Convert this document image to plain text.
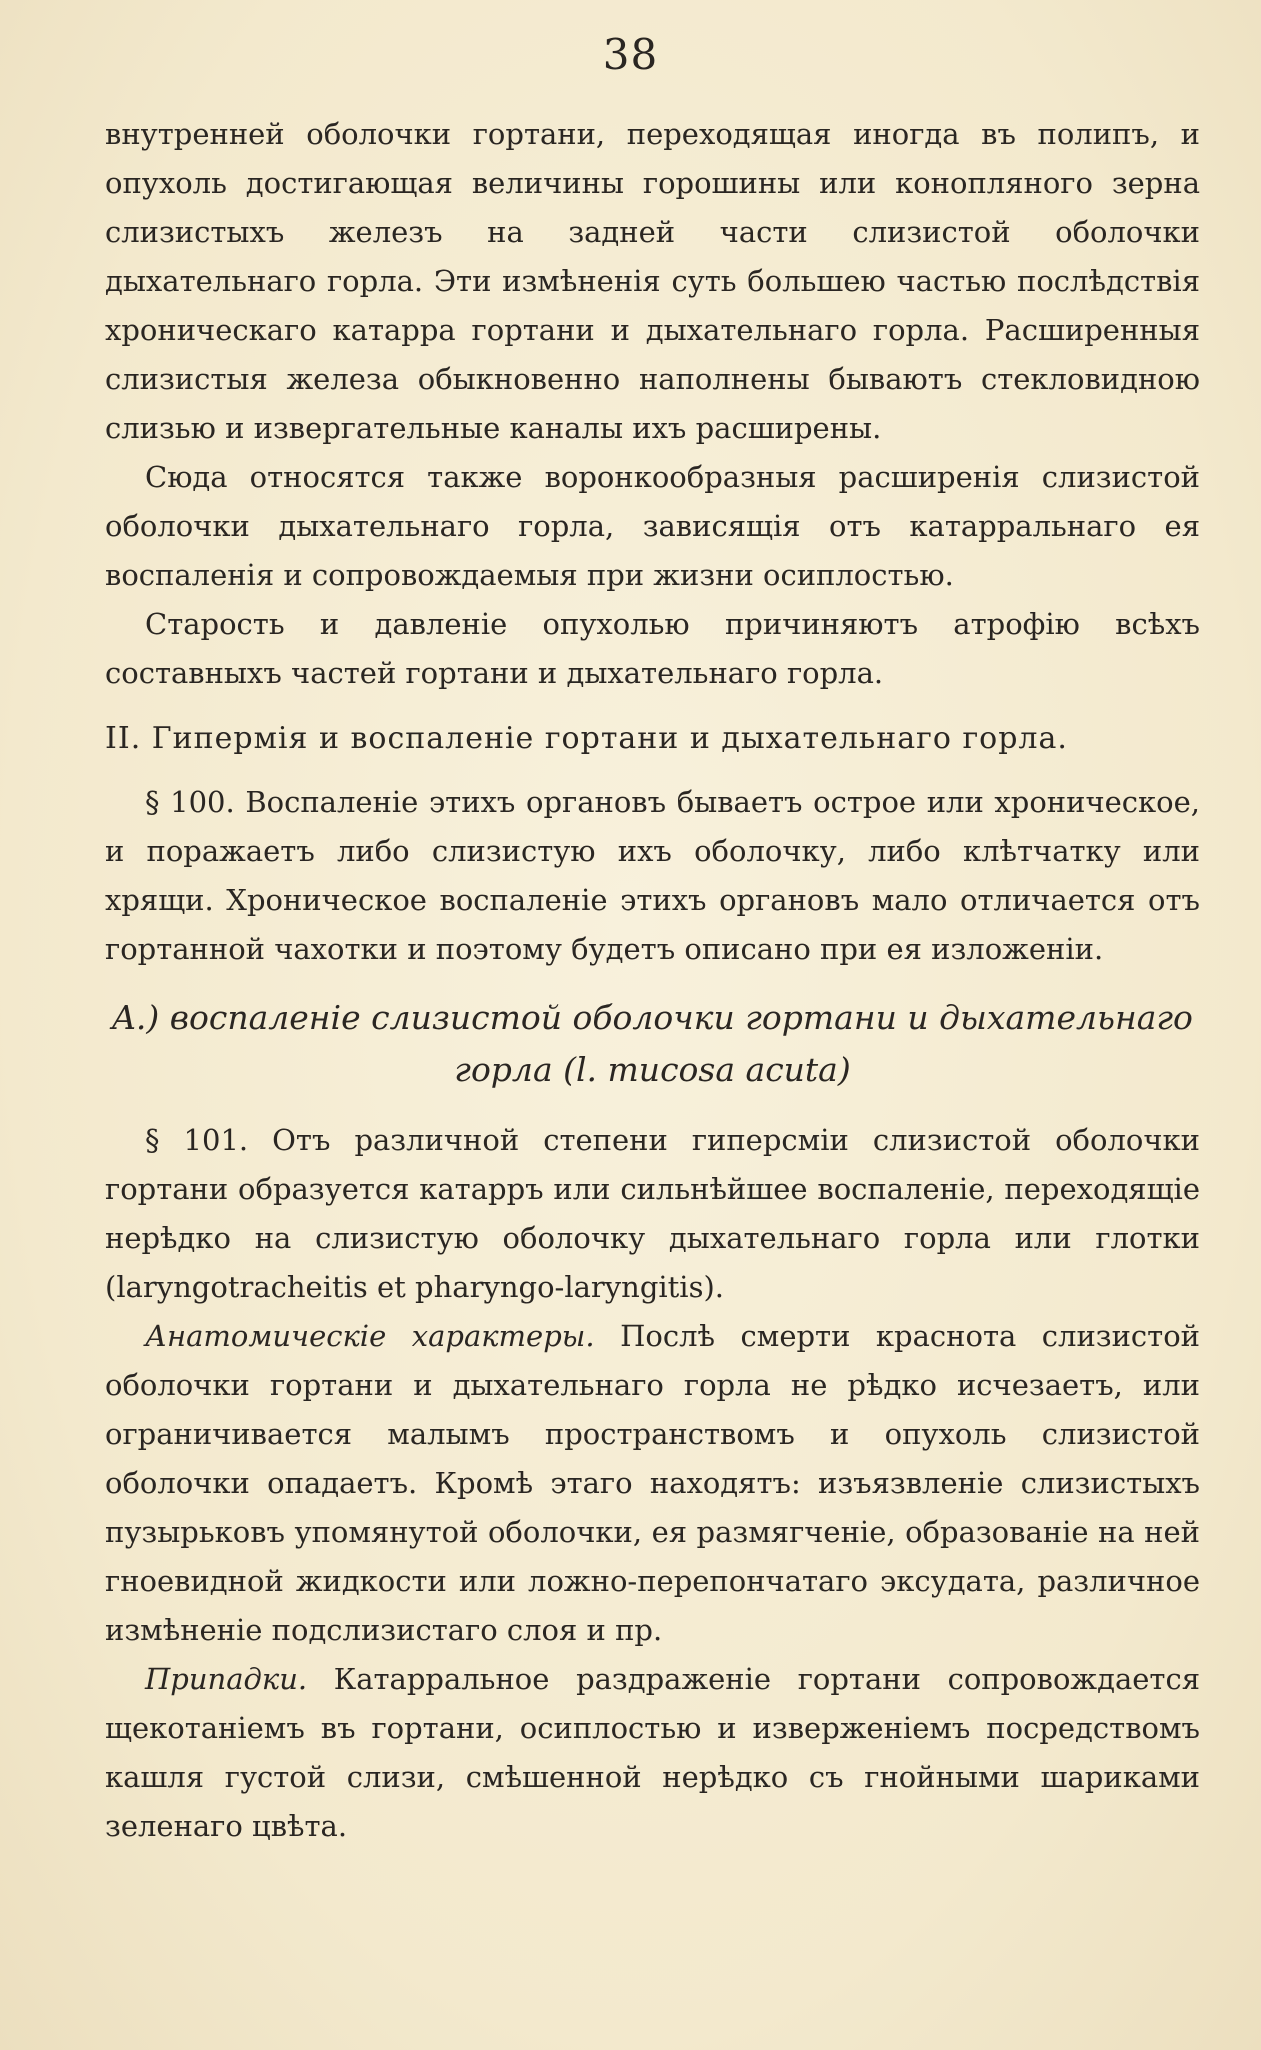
38

внутренней оболочки гортани, переходящая иногда въ полипъ, и опухоль достигающая величины горошины или конопляного зерна слизистыхъ железъ на задней части слизистой оболочки дыхательнаго горла. Эти измѣненія суть большею частью послѣдствія хроническаго катарра гортани и дыхательнаго горла. Расширенныя слизистыя железа обыкновенно наполнены бываютъ стекловидною слизью и извергательные каналы ихъ расширены.

Сюда относятся также воронкообразныя расширенія слизистой оболочки дыхательнаго горла, зависящія отъ катарральнаго ея воспаленія и сопровождаемыя при жизни осиплостью.

Старость и давленіе опухолью причиняютъ атрофію всѣхъ составныхъ частей гортани и дыхательнаго горла.

II. Гипермія и воспаленіе гортани и дыхательнаго горла.

§ 100. Воспаленіе этихъ органовъ бываетъ острое или хроническое, и поражаетъ либо слизистую ихъ оболочку, либо клѣтчатку или хрящи. Хроническое воспаленіе этихъ органовъ мало отличается отъ гортанной чахотки и поэтому будетъ описано при ея изложеніи.

A.) воспаленіе слизистой оболочки гортани и дыхательнаго
горла (l. mucosa acuta)

§ 101. Отъ различной степени гиперсміи слизистой оболочки гортани образуется катарръ или сильнѣйшее воспаленіе, переходящіе нерѣдко на слизистую оболочку дыхательнаго горла или глотки (laryngotracheitis et pharyngo-laryngitis).

Анатомическіе характеры. Послѣ смерти краснота слизистой оболочки гортани и дыхательнаго горла не рѣдко исчезаетъ, или ограничивается малымъ пространствомъ и опухоль слизистой оболочки опадаетъ. Кромѣ этаго находятъ: изъязвленіе слизистыхъ пузырьковъ упомянутой оболочки, ея размягченіе, образованіе на ней гноевидной жидкости или ложно-перепончатаго эксудата, различное измѣненіе подслизистаго слоя и пр.

Припадки. Катарральное раздраженіе гортани сопровождается щекотаніемъ въ гортани, осиплостью и изверженіемъ посредствомъ кашля густой слизи, смѣшенной нерѣдко съ гнойными шариками зеленаго цвѣта.
